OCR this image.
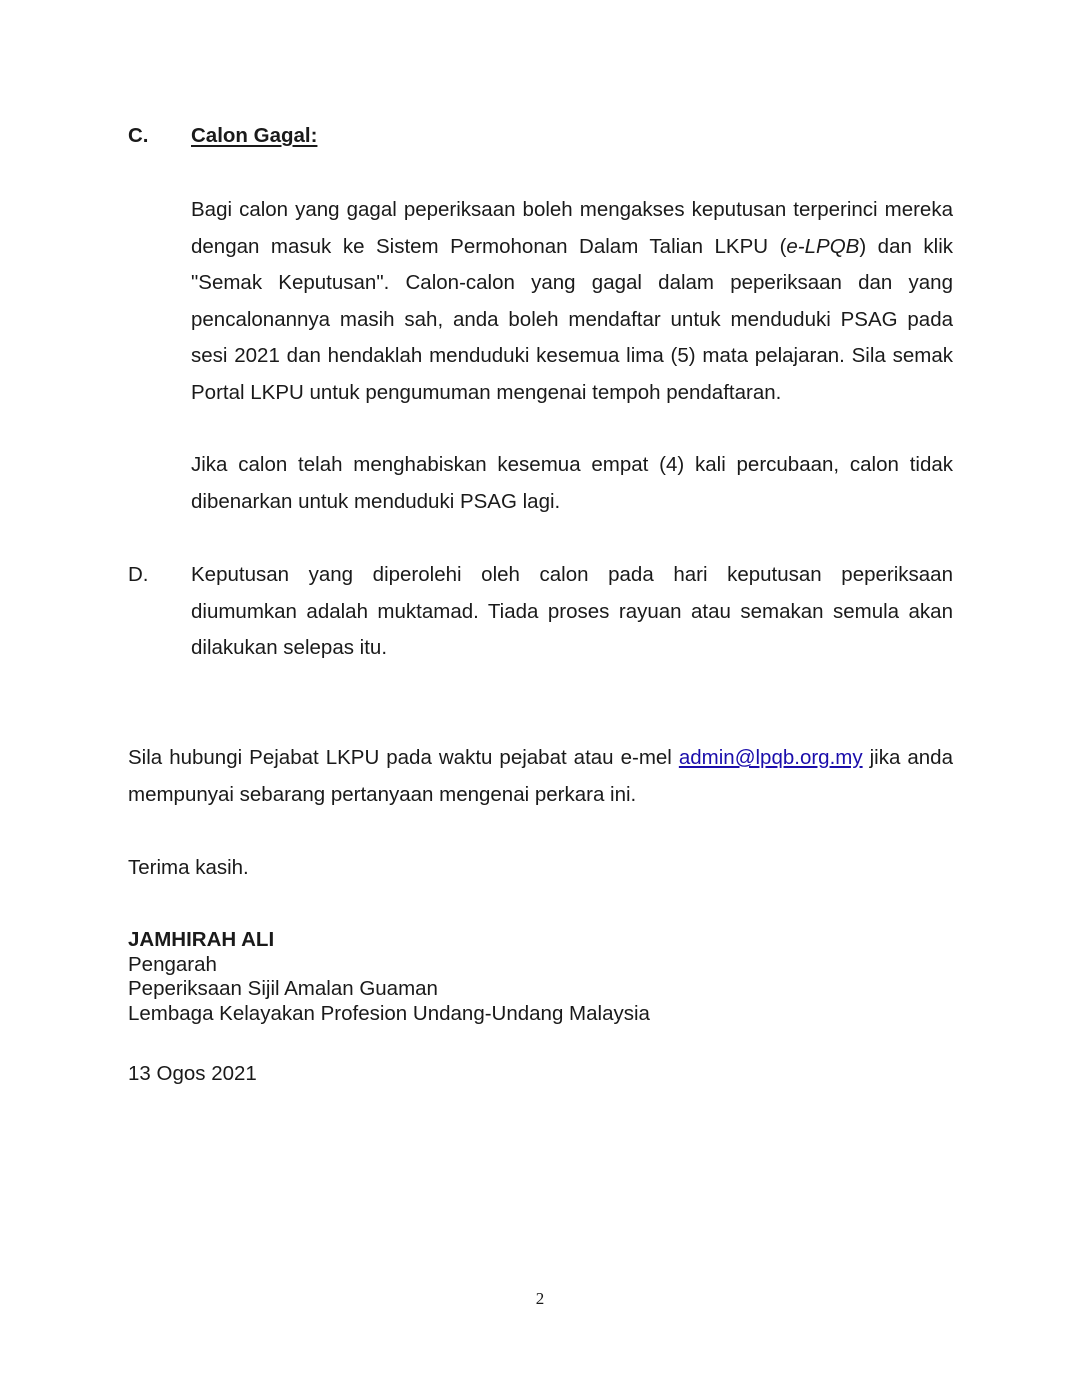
C. Calon Gagal:

Bagi calon yang gagal peperiksaan boleh mengakses keputusan terperinci mereka dengan masuk ke Sistem Permohonan Dalam Talian LKPU (e-LPQB) dan klik "Semak Keputusan". Calon-calon yang gagal dalam peperiksaan dan yang pencalonannya masih sah, anda boleh mendaftar untuk menduduki PSAG pada sesi 2021 dan hendaklah menduduki kesemua lima (5) mata pelajaran. Sila semak Portal LKPU untuk pengumuman mengenai tempoh pendaftaran.

Jika calon telah menghabiskan kesemua empat (4) kali percubaan, calon tidak dibenarkan untuk menduduki PSAG lagi.

D. Keputusan yang diperolehi oleh calon pada hari keputusan peperiksaan diumumkan adalah muktamad. Tiada proses rayuan atau semakan semula akan dilakukan selepas itu.

Sila hubungi Pejabat LKPU pada waktu pejabat atau e-mel admin@lpqb.org.my jika anda mempunyai sebarang pertanyaan mengenai perkara ini.

Terima kasih.

JAMHIRAH ALI

Pengarah

Peperiksaan Sijil Amalan Guaman

Lembaga Kelayakan Profesion Undang-Undang Malaysia

13 Ogos 2021
2
